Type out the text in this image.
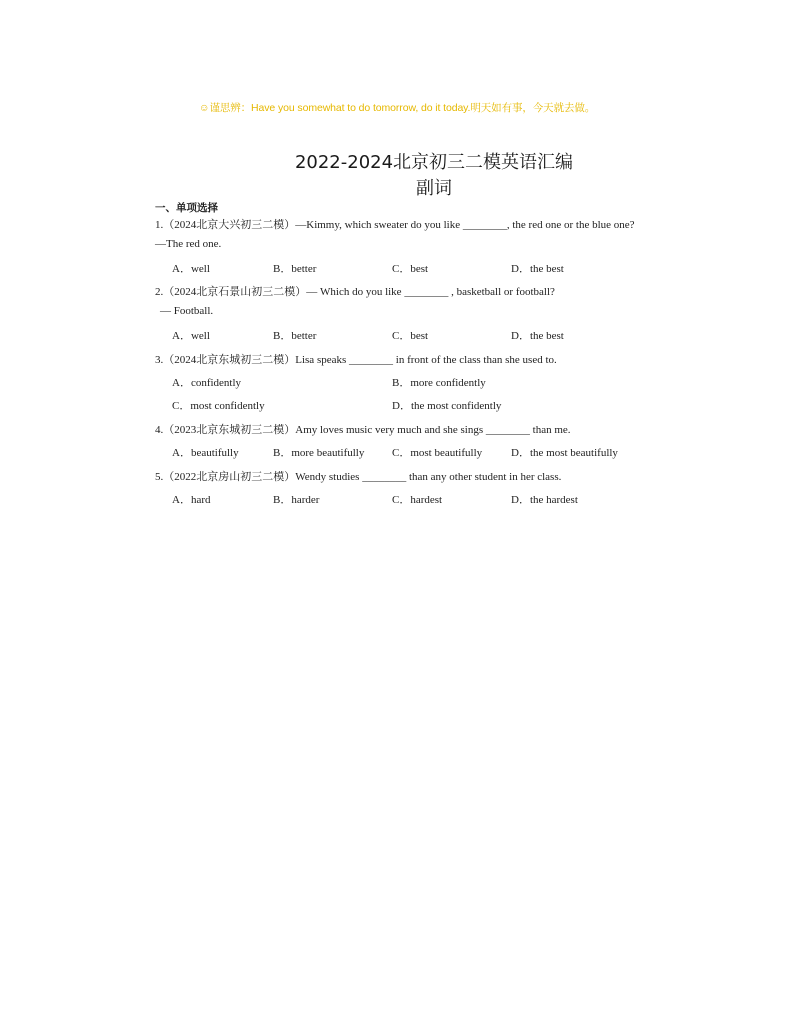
☺谨思辨：Have you somewhat to do tomorrow, do it today.明天如有事，今天就去做。
2022-2024北京初三二模英语汇编
副词
一、单项选择
1.（2024北京大兴初三二模）—Kimmy, which sweater do you like ________, the red one or the blue one?
—The red one.
A．well	B．better	C．best	D．the best
2.（2024北京石景山初三二模）— Which do you like ________ , basketball or football?
— Football.
A．well	B．better	C．best	D．the best
3.（2024北京东城初三二模）Lisa speaks ________ in front of the class than she used to.
A．confidently	B．more confidently
C．most confidently	D．the most confidently
4.（2023北京东城初三二模）Amy loves music very much and she sings ________ than me.
A．beautifully	B．more beautifully	C．most beautifully	D．the most beautifully
5.（2022北京房山初三二模）Wendy studies ________ than any other student in her class.
A．hard	B．harder	C．hardest	D．the hardest
